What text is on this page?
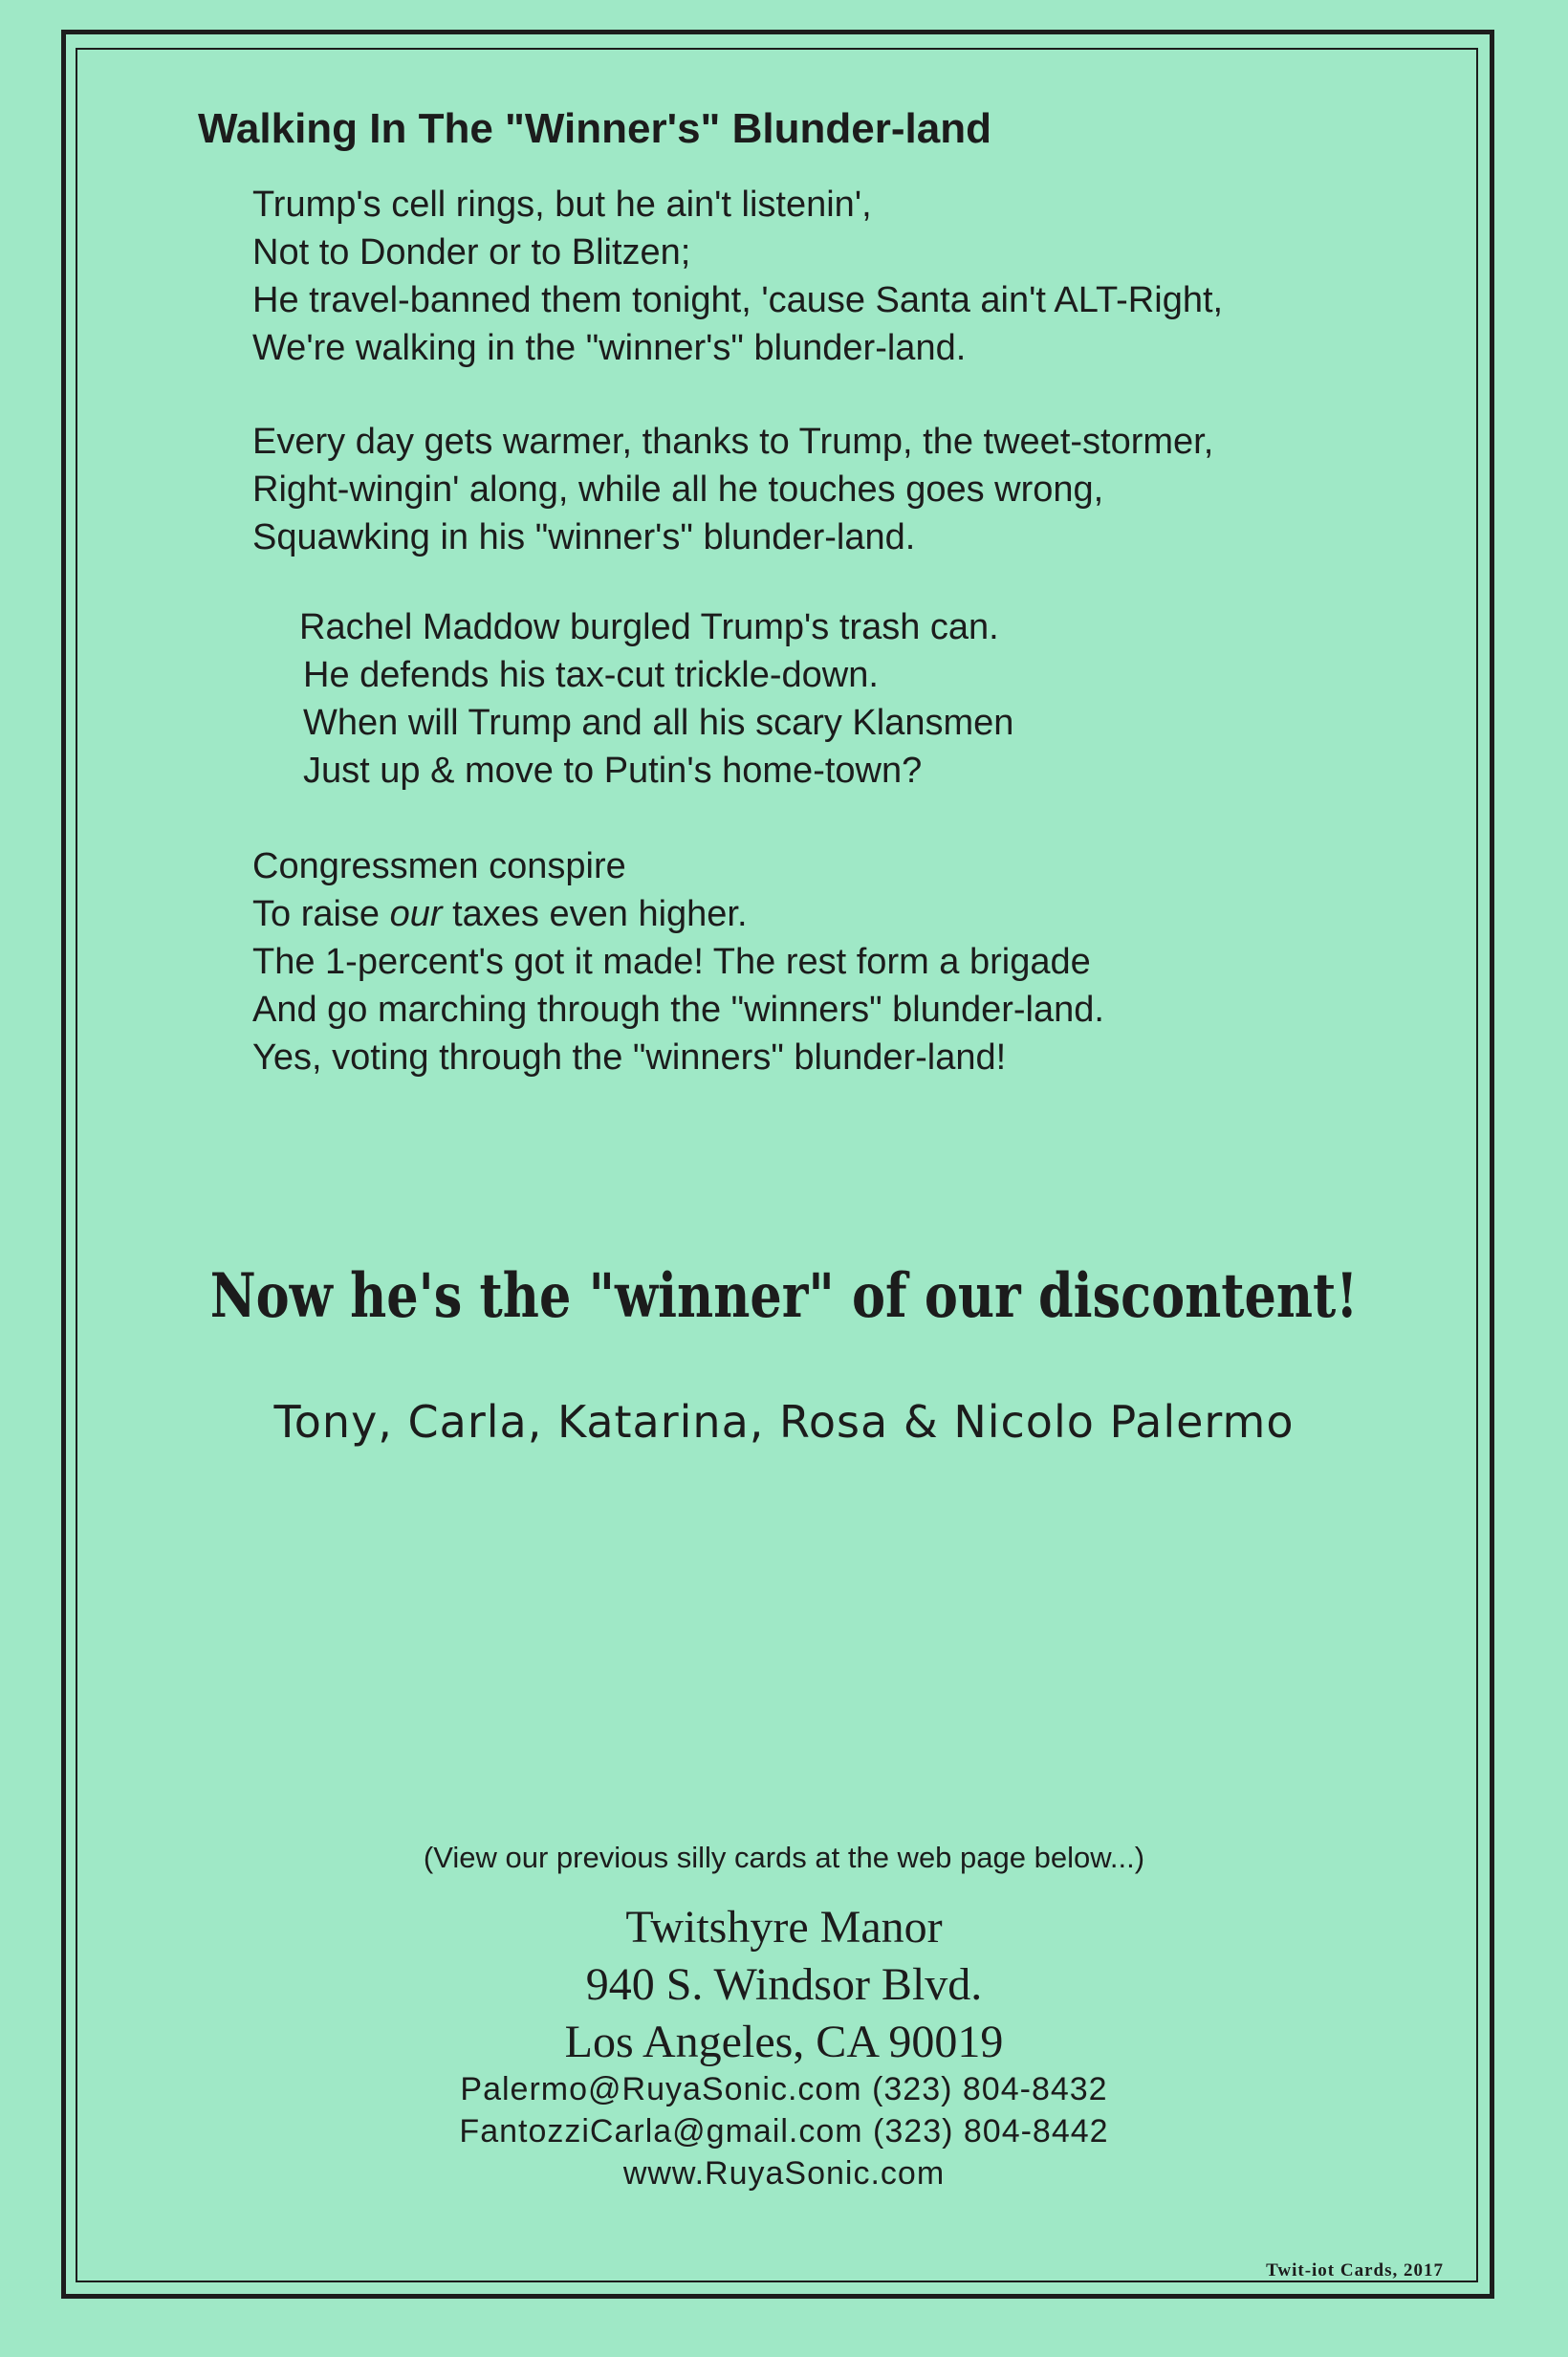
Walking In The "Winner's" Blunder-land
Trump's cell rings, but he ain't listenin',
Not to Donder or to Blitzen;
He travel-banned them tonight, 'cause Santa ain't ALT-Right,
We're walking in the "winner's" blunder-land.
Every day gets warmer, thanks to Trump, the tweet-stormer,
Right-wingin' along, while all he touches goes wrong,
Squawking in his "winner's" blunder-land.
Rachel Maddow burgled Trump's trash can.
He defends his tax-cut trickle-down.
When will Trump and all his scary Klansmen
Just up & move to Putin's home-town?
Congressmen conspire
To raise our taxes even higher.
The 1-percent's got it made! The rest form a brigade
And go marching through the "winners" blunder-land.
Yes, voting through the "winners" blunder-land!
Now he's the "winner" of our discontent!
Tony, Carla, Katarina, Rosa & Nicolo Palermo
(View our previous silly cards at the web page below...)
Twitshyre Manor
940 S. Windsor Blvd.
Los Angeles, CA 90019
Palermo@RuyaSonic.com (323) 804-8432
FantozziCarla@gmail.com (323) 804-8442
www.RuyaSonic.com
Twit-iot Cards, 2017
